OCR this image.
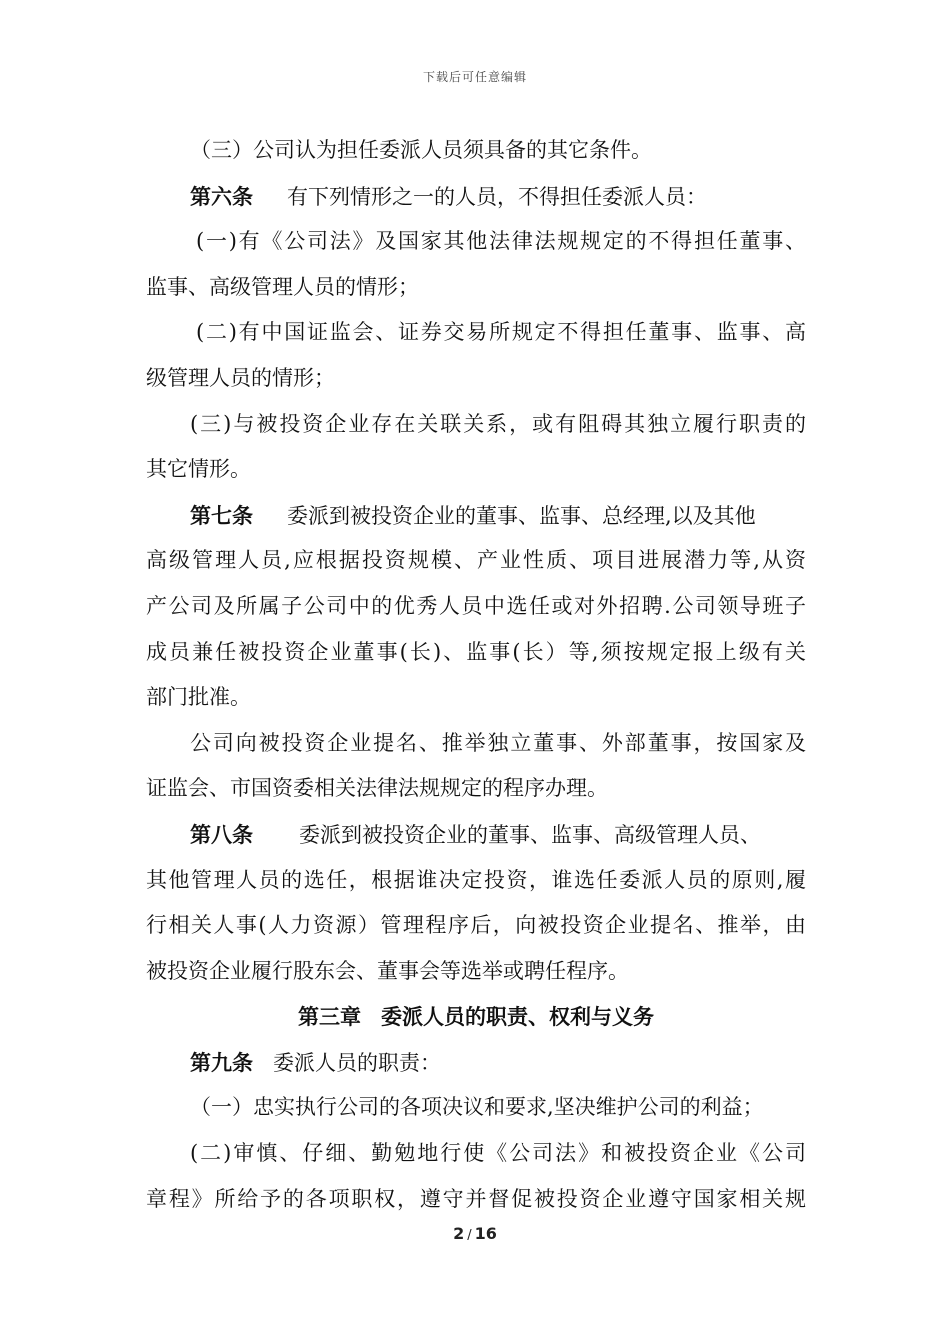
下载后可任意编辑
（三）公司认为担任委派人员须具备的其它条件。
第六条 有下列情形之一的人员，不得担任委派人员：
(一)有《公司法》及国家其他法律法规规定的不得担任董事、
监事、高级管理人员的情形；
(二)有中国证监会、证券交易所规定不得担任董事、监事、高
级管理人员的情形；
(三)与被投资企业存在关联关系，或有阻碍其独立履行职责的
其它情形。
第七条 委派到被投资企业的董事、监事、总经理,以及其他
高级管理人员,应根据投资规模、产业性质、项目进展潜力等,从资
产公司及所属子公司中的优秀人员中选任或对外招聘.公司领导班子
成员兼任被投资企业董事(长)、监事(长）等,须按规定报上级有关
部门批准。
公司向被投资企业提名、推举独立董事、外部董事，按国家及
证监会、市国资委相关法律法规规定的程序办理。
第八条 委派到被投资企业的董事、监事、高级管理人员、
其他管理人员的选任，根据谁决定投资，谁选任委派人员的原则,履
行相关人事(人力资源）管理程序后，向被投资企业提名、推举，由
被投资企业履行股东会、董事会等选举或聘任程序。
第三章 委派人员的职责、权利与义务
第九条 委派人员的职责：
（一）忠实执行公司的各项决议和要求,坚决维护公司的利益；
(二)审慎、仔细、勤勉地行使《公司法》和被投资企业《公司
章程》所给予的各项职权，遵守并督促被投资企业遵守国家相关规
2 / 16
